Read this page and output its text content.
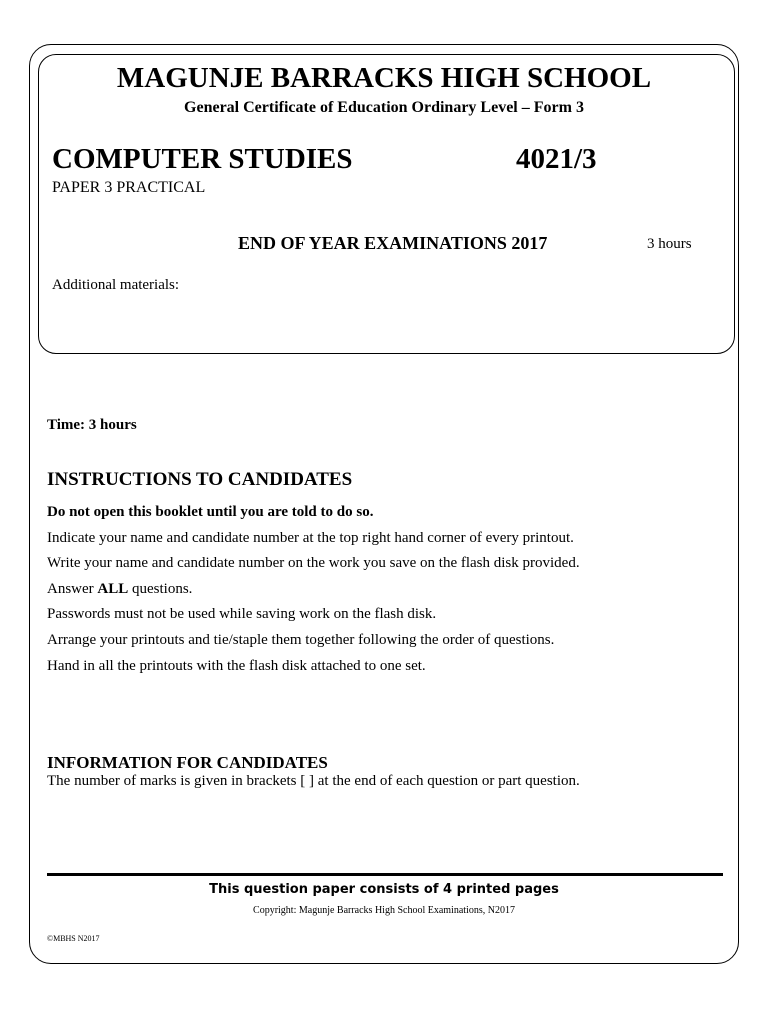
MAGUNJE BARRACKS HIGH SCHOOL
General Certificate of Education Ordinary Level – Form 3
COMPUTER STUDIES	4021/3
PAPER 3 PRACTICAL
END OF YEAR EXAMINATIONS 2017	3 hours
Additional materials:
Time: 3 hours
INSTRUCTIONS TO CANDIDATES
Do not open this booklet until you are told to do so.
Indicate your name and candidate number at the top right hand corner of every printout.
Write your name and candidate number on the work you save on the flash disk provided.
Answer ALL questions.
Passwords must not be used while saving work on the flash disk.
Arrange your printouts and tie/staple them together following the order of questions.
Hand in all the printouts with the flash disk attached to one set.
INFORMATION FOR CANDIDATES
The number of marks is given in brackets [ ] at the end of each question or part question.
This question paper consists of 4 printed pages
Copyright: Magunje Barracks High School Examinations, N2017
©MBHS N2017
